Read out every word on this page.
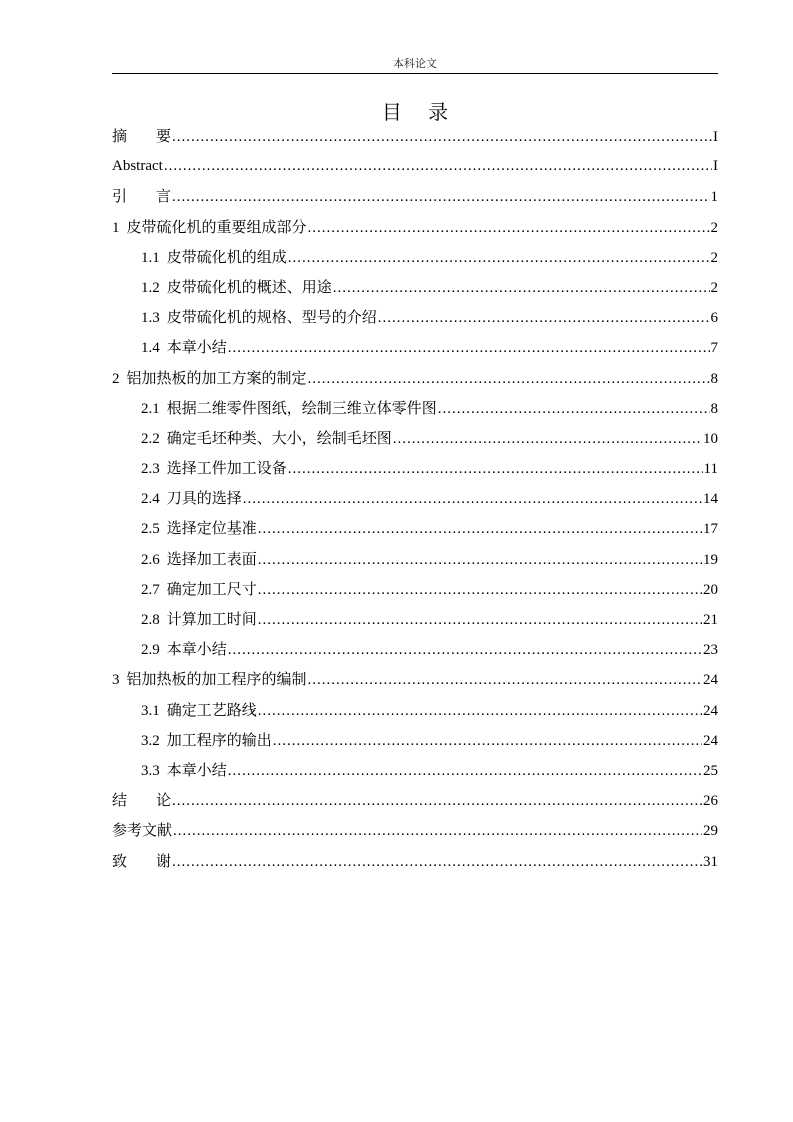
本科论文
目 录
摘要 .....	I
Abstract .....	I
引言 .....	1
1 皮带硫化机的重要组成部分 .....	2
1.1 皮带硫化机的组成 .....	2
1.2 皮带硫化机的概述、用途 .....	2
1.3 皮带硫化机的规格、型号的介绍 .....	6
1.4 本章小结 .....	7
2 铝加热板的加工方案的制定 .....	8
2.1 根据二维零件图纸，绘制三维立体零件图 .....	8
2.2 确定毛坯种类、大小，绘制毛坯图 .....	10
2.3 选择工件加工设备 .....	11
2.4 刀具的选择 .....	14
2.5 选择定位基准 .....	17
2.6 选择加工表面 .....	19
2.7 确定加工尺寸 .....	20
2.8 计算加工时间 .....	21
2.9 本章小结 .....	23
3 铝加热板的加工程序的编制 .....	24
3.1 确定工艺路线 .....	24
3.2 加工程序的输出 .....	24
3.3 本章小结 .....	25
结论 .....	26
参考文献 .....	29
致谢 .....	31
